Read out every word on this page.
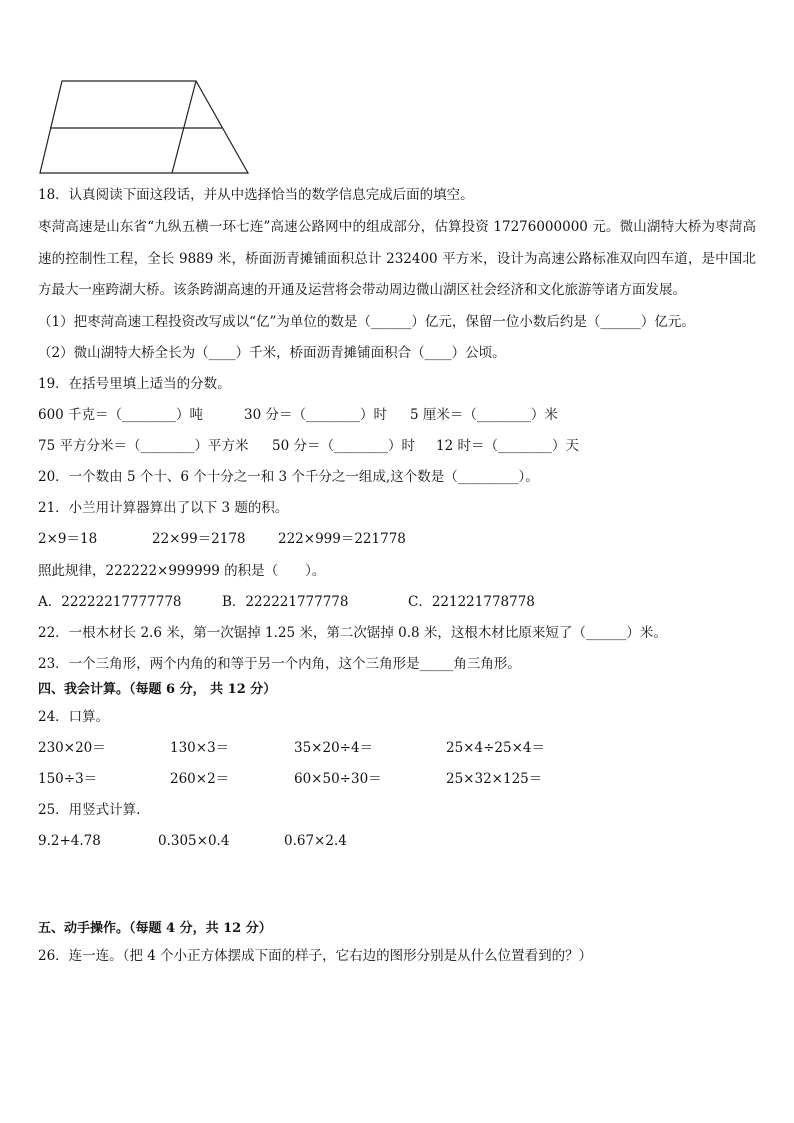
18．认真阅读下面这段话，并从中选择恰当的数学信息完成后面的填空。
枣菏高速是山东省“九纵五横一环七连”高速公路网中的组成部分，估算投资 17276000000 元。微山湖特大桥为枣菏高速的控制性工程，全长 9889 米，桥面沥青摊铺面积总计 232400 平方米，设计为高速公路标准双向四车道，是中国北方最大一座跨湖大桥。该条跨湖高速的开通及运营将会带动周边微山湖区社会经济和文化旅游等诸方面发展。
（1）把枣菏高速工程投资改写成以“亿”为单位的数是（______）亿元，保留一位小数后约是（______）亿元。
（2）微山湖特大桥全长为（____）千米，桥面沥青摊铺面积合（____）公顷。
19．在括号里填上适当的分数。
600 千克＝（________）吨	30 分＝（________）时 5 厘米＝（________）米
75 平方分米＝（________）平方米 50 分＝（________）时 12 时＝（________）天
20．一个数由 5 个十、6 个十分之一和 3 个千分之一组成,这个数是（_________）。
21．小兰用计算器算出了以下 3 题的积。
2×9＝18	22×99＝2178 222×999＝221778
照此规律，222222×999999 的积是（　　）。
A．22222217777778	B．222221777778	C．221221778778
22．一根木材长 2.6 米，第一次锯掉 1.25 米，第二次锯掉 0.8 米，这根木材比原来短了（______）米。
23．一个三角形，两个内角的和等于另一个内角，这个三角形是_____角三角形。
四、我会计算。（每题 6 分， 共 12 分）
24．口算。
230×20＝	130×3＝	35×20÷4＝	25×4÷25×4＝
150÷3＝	260×2＝	60×50÷30＝	25×32×125＝
25．用竖式计算.
9.2+4.78	0.305×0.4	0.67×2.4
五、动手操作。（每题 4 分，共 12 分）
26．连一连。（把 4 个小正方体摆成下面的样子，它右边的图形分别是从什么位置看到的？）
